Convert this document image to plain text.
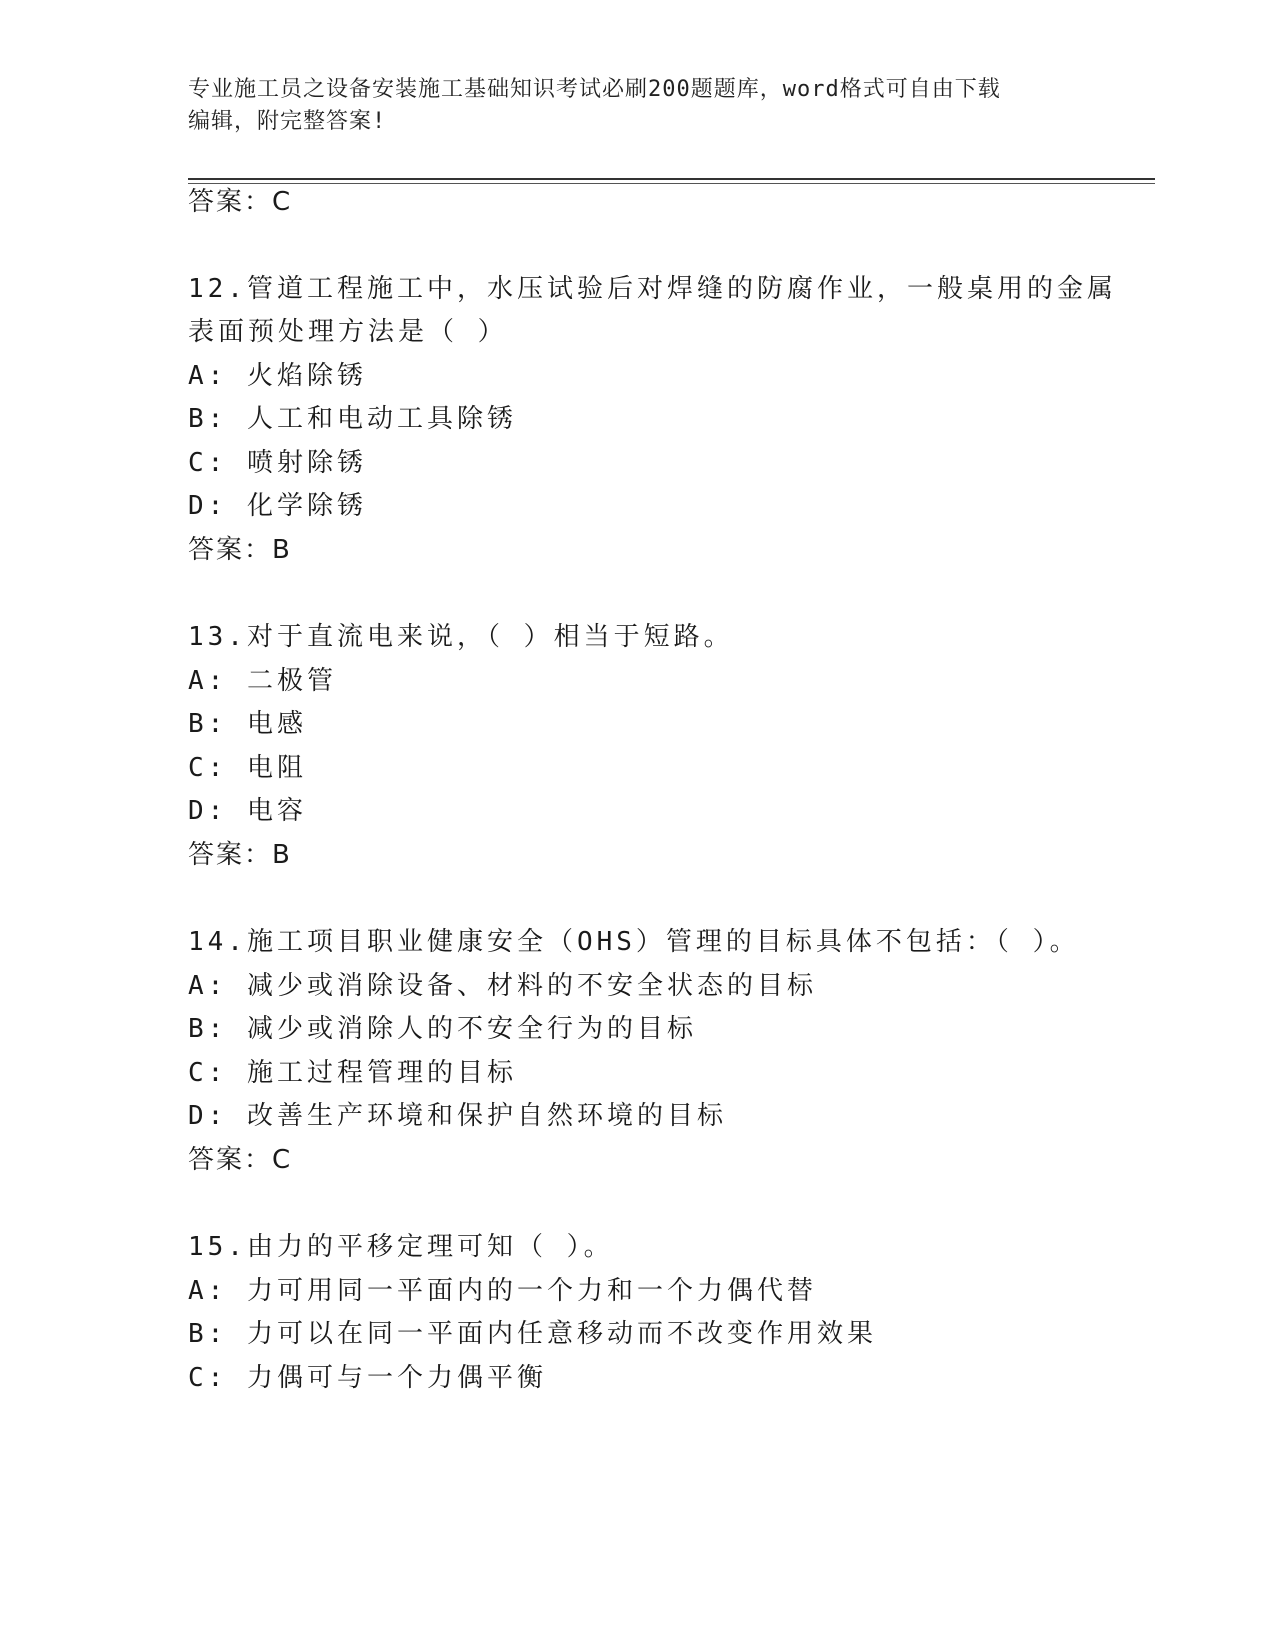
专业施工员之设备安装施工基础知识考试必刷200题题库，word格式可自由下载
编辑，附完整答案!
答案：C
12.管道工程施工中，水压试验后对焊缝的防腐作业，一般桌用的金属
表面预处理方法是（ ）
A: 火焰除锈
B: 人工和电动工具除锈
C: 喷射除锈
D: 化学除锈
答案：B
13.对于直流电来说，（ ）相当于短路。
A: 二极管
B: 电感
C: 电阻
D: 电容
答案：B
14.施工项目职业健康安全（OHS）管理的目标具体不包括：（ ）。
A: 减少或消除设备、材料的不安全状态的目标
B: 减少或消除人的不安全行为的目标
C: 施工过程管理的目标
D: 改善生产环境和保护自然环境的目标
答案：C
15.由力的平移定理可知（ ）。
A: 力可用同一平面内的一个力和一个力偶代替
B: 力可以在同一平面内任意移动而不改变作用效果
C: 力偶可与一个力偶平衡
